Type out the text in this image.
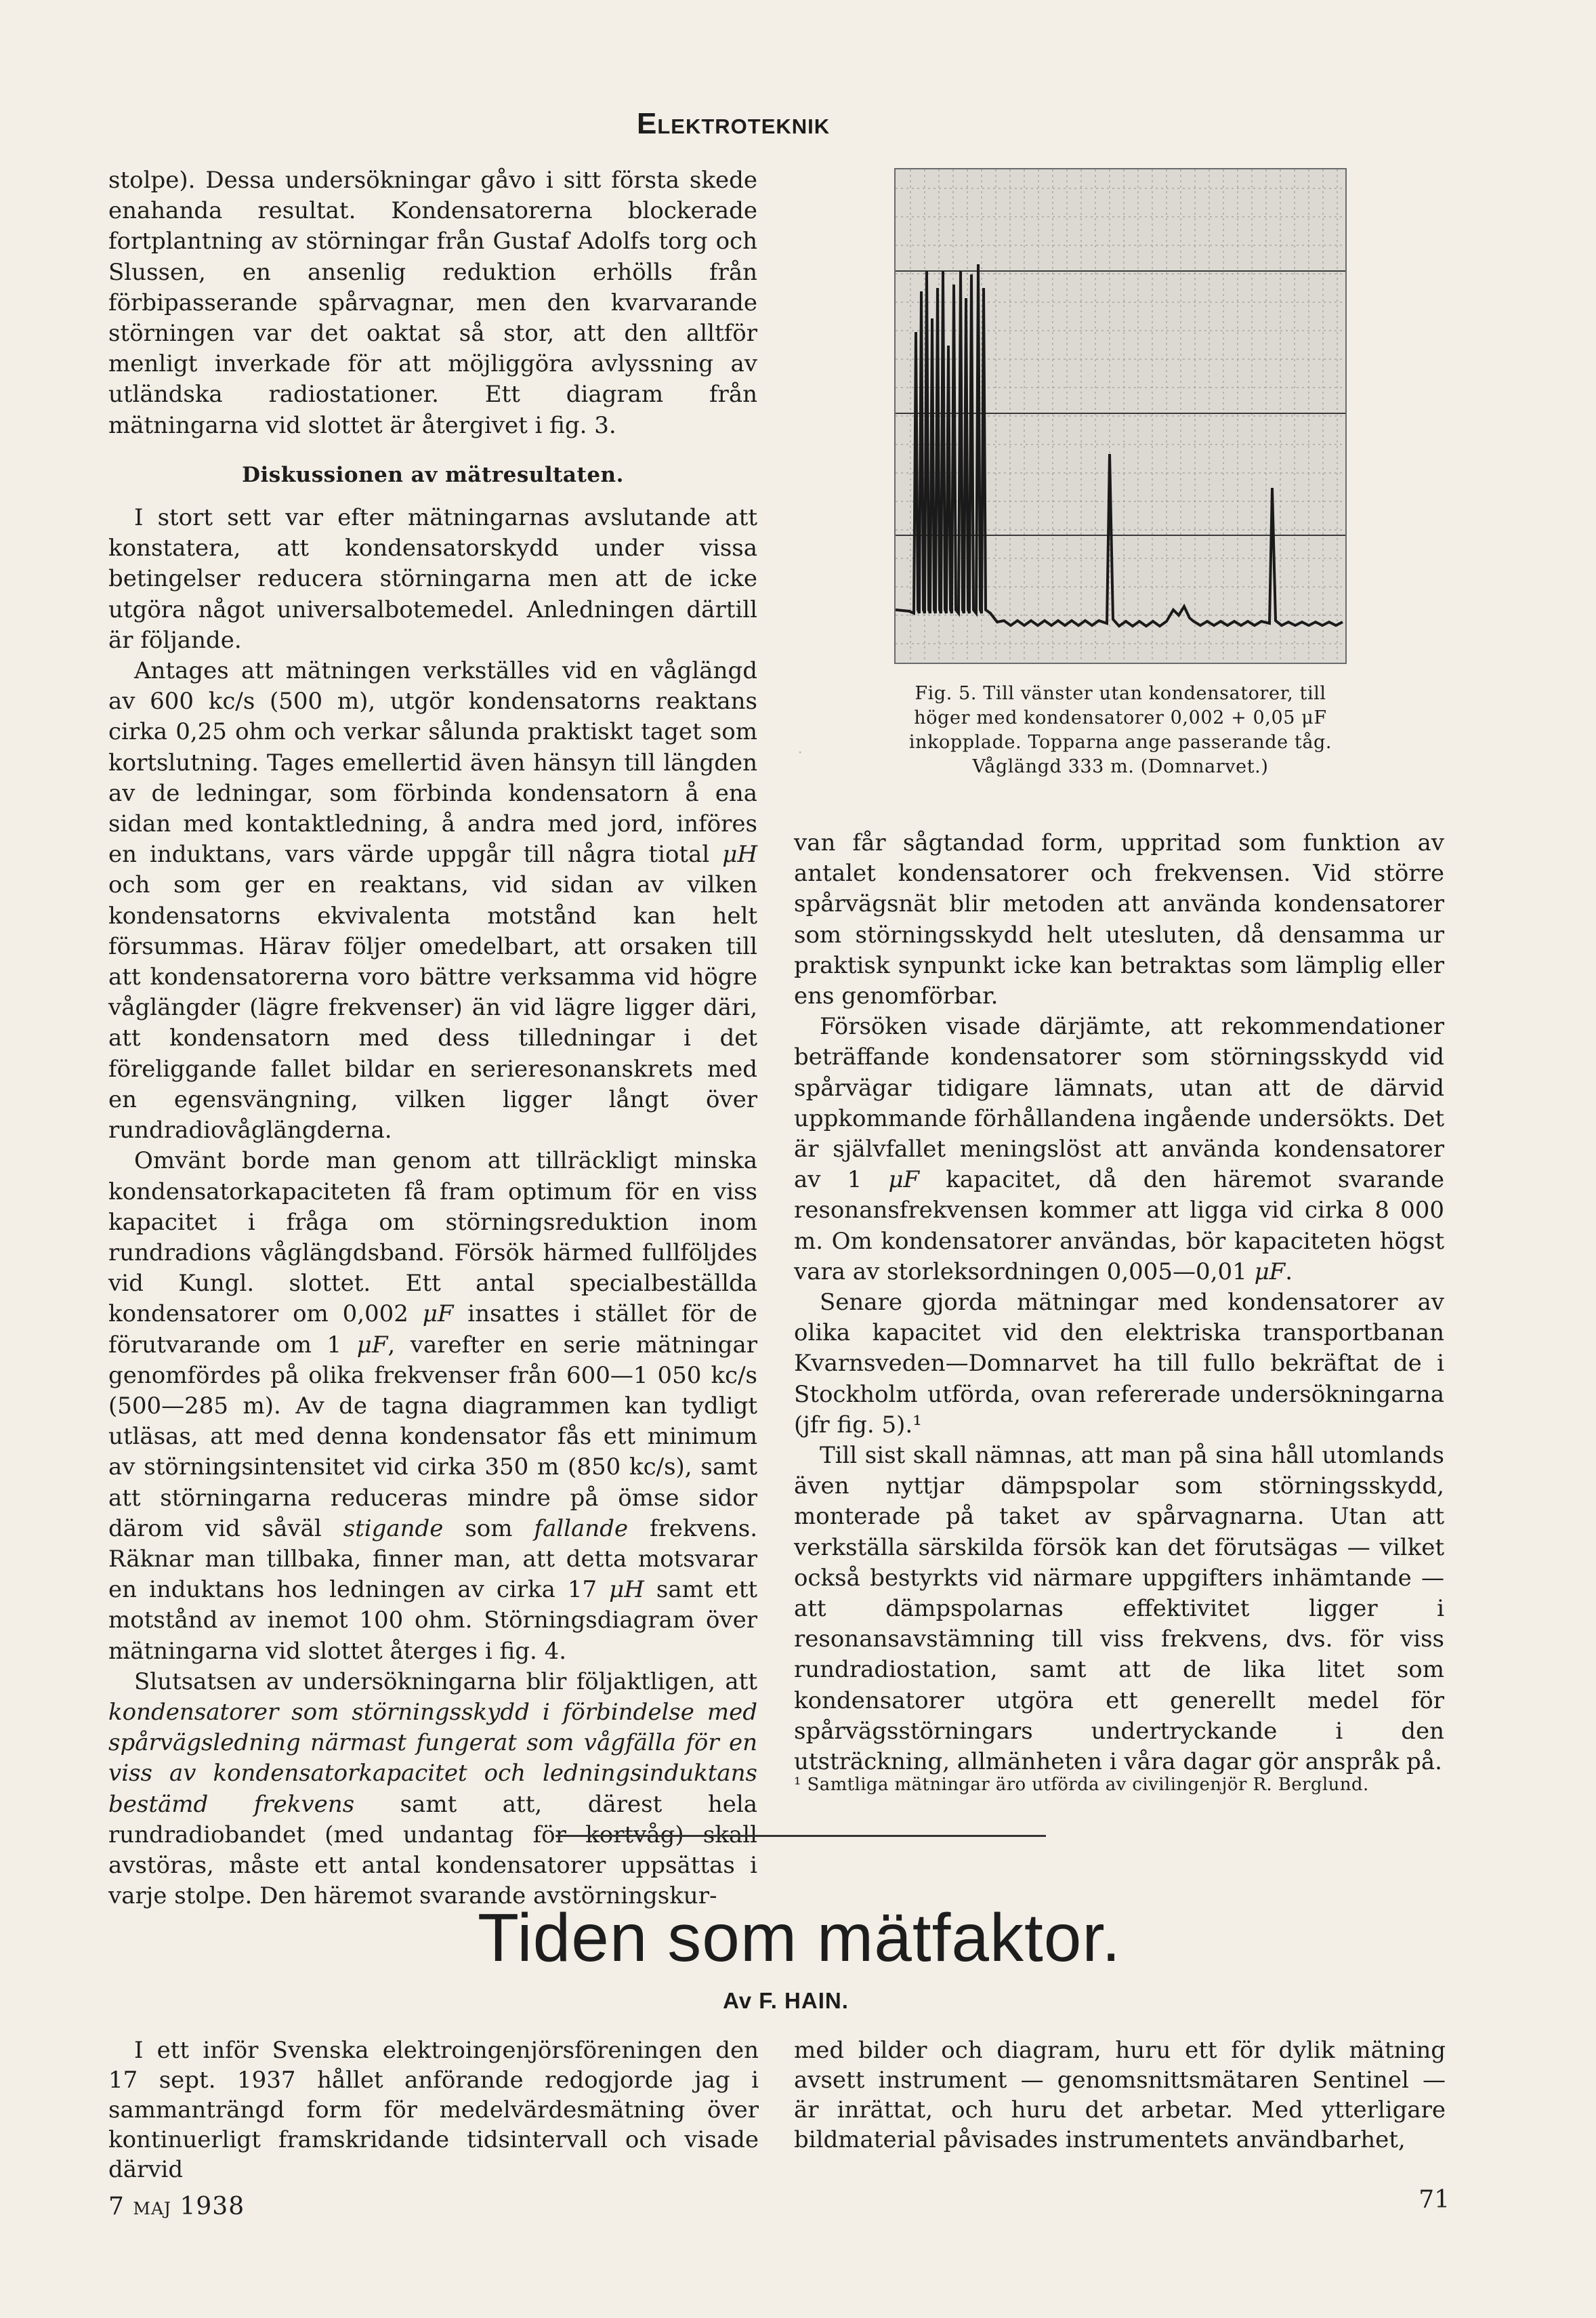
Elektroteknik

stolpe). Dessa undersökningar gåvo i sitt första skede enahanda resultat. Kondensatorerna blockerade fortplantning av störningar från Gustaf Adolfs torg och Slussen, en ansenlig reduktion erhölls från förbipasserande spårvagnar, men den kvarvarande störningen var det oaktat så stor, att den alltför menligt inverkade för att möjliggöra avlyssning av utländska radiostationer. Ett diagram från mätningarna vid slottet är återgivet i fig. 3.

Diskussionen av mätresultaten.

I stort sett var efter mätningarnas avslutande att konstatera, att kondensatorskydd under vissa betingelser reducera störningarna men att de icke utgöra något universalbotemedel. Anledningen därtill är följande.

Antages att mätningen verkställes vid en våglängd av 600 kc/s (500 m), utgör kondensatorns reaktans cirka 0,25 ohm och verkar sålunda praktiskt taget som kortslutning. Tages emellertid även hänsyn till längden av de ledningar, som förbinda kondensatorn å ena sidan med kontaktledning, å andra med jord, införes en induktans, vars värde uppgår till några tiotal μH och som ger en reaktans, vid sidan av vilken kondensatorns ekvivalenta motstånd kan helt försummas. Härav följer omedelbart, att orsaken till att kondensatorerna voro bättre verksamma vid högre våglängder (lägre frekvenser) än vid lägre ligger däri, att kondensatorn med dess tilledningar i det föreliggande fallet bildar en serieresonanskrets med en egensvängning, vilken ligger långt över rundradiovåglängderna.

Omvänt borde man genom att tillräckligt minska kondensatorkapaciteten få fram optimum för en viss kapacitet i fråga om störningsreduktion inom rundradions våglängdsband. Försök härmed fullföljdes vid Kungl. slottet. Ett antal specialbeställda kondensatorer om 0,002 μF insattes i stället för de förutvarande om 1 μF, varefter en serie mätningar genomfördes på olika frekvenser från 600—1 050 kc/s (500—285 m). Av de tagna diagrammen kan tydligt utläsas, att med denna kondensator fås ett minimum av störningsintensitet vid cirka 350 m (850 kc/s), samt att störningarna reduceras mindre på ömse sidor därom vid såväl stigande som fallande frekvens. Räknar man tillbaka, finner man, att detta motsvarar en induktans hos ledningen av cirka 17 μH samt ett motstånd av inemot 100 ohm. Störningsdiagram över mätningarna vid slottet återges i fig. 4.

Slutsatsen av undersökningarna blir följaktligen, att kondensatorer som störningsskydd i förbindelse med spårvägsledning närmast fungerat som vågfälla för en viss av kondensatorkapacitet och ledningsinduktans bestämd frekvens samt att, därest hela rundradiobandet (med undantag för kortvåg) skall avstöras, måste ett antal kondensatorer uppsättas i varje stolpe. Den häremot svarande avstörningskur-

Fig. 5. Till vänster utan kondensatorer, till höger med kondensatorer 0,002 + 0,05 μF inkopplade. Topparna ange passerande tåg. Våglängd 333 m. (Domnarvet.)
·

van får sågtandad form, uppritad som funktion av antalet kondensatorer och frekvensen. Vid större spårvägsnät blir metoden att använda kondensatorer som störningsskydd helt utesluten, då densamma ur praktisk synpunkt icke kan betraktas som lämplig eller ens genomförbar.

Försöken visade därjämte, att rekommendationer beträffande kondensatorer som störningsskydd vid spårvägar tidigare lämnats, utan att de därvid uppkommande förhållandena ingående undersökts. Det är självfallet meningslöst att använda kondensatorer av 1 μF kapacitet, då den häremot svarande resonansfrekvensen kommer att ligga vid cirka 8 000 m. Om kondensatorer användas, bör kapaciteten högst vara av storleksordningen 0,005—0,01 μF.

Senare gjorda mätningar med kondensatorer av olika kapacitet vid den elektriska transportbanan Kvarnsveden—Domnarvet ha till fullo bekräftat de i Stockholm utförda, ovan refererade undersökningarna (jfr fig. 5).¹

Till sist skall nämnas, att man på sina håll utomlands även nyttjar dämpspolar som störningsskydd, monterade på taket av spårvagnarna. Utan att verkställa särskilda försök kan det förutsägas — vilket också bestyrkts vid närmare uppgifters inhämtande — att dämpspolarnas effektivitet ligger i resonansavstämning till viss frekvens, dvs. för viss rundradiostation, samt att de lika litet som kondensatorer utgöra ett generellt medel för spårvägsstörningars undertryckande i den utsträckning, allmänheten i våra dagar gör anspråk på.

¹ Samtliga mätningar äro utförda av civilingenjör R. Berglund.
Tiden som mätfaktor.
Av F. HAIN.

I ett inför Svenska elektroingenjörsföreningen den 17 sept. 1937 hållet anförande redogjorde jag i sammanträngd form för medelvärdesmätning över kontinuerligt framskridande tidsintervall och visade därvid

med bilder och diagram, huru ett för dylik mätning avsett instrument — genomsnittsmätaren Sentinel — är inrättat, och huru det arbetar. Med ytterligare bildmaterial påvisades instrumentets användbarhet,

7 maj 1938	71
